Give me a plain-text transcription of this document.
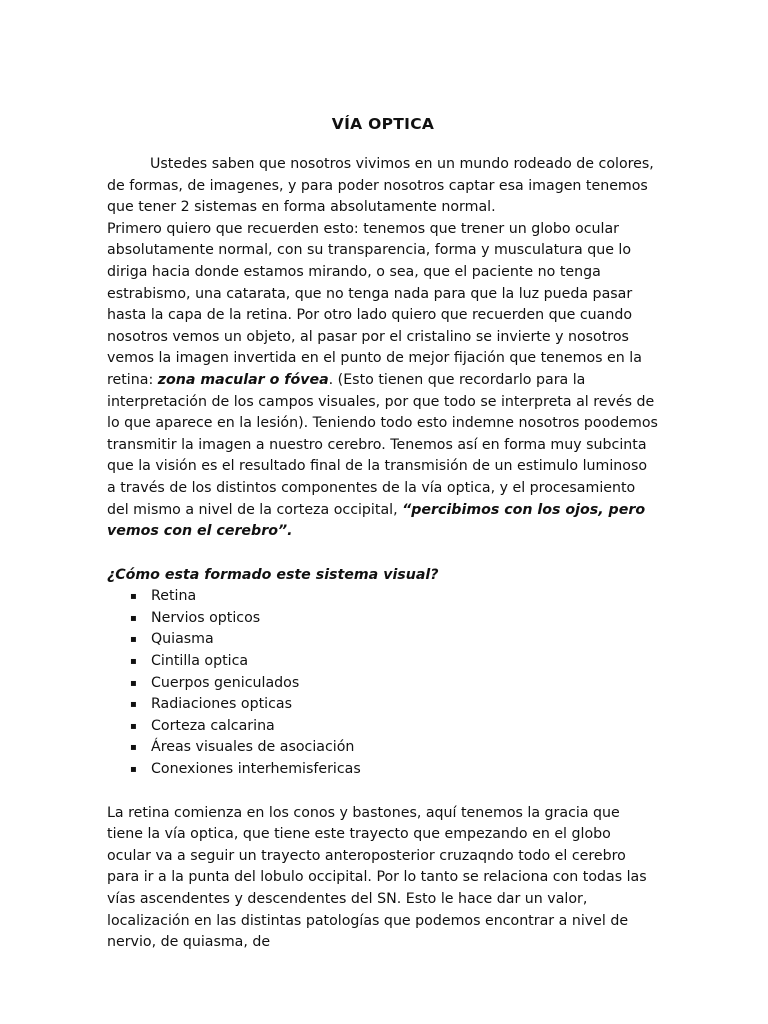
VÍA OPTICA

Ustedes saben que nosotros vivimos en un mundo rodeado de colores, de formas, de imagenes, y para poder nosotros captar esa imagen tenemos que tener 2 sistemas en forma absolutamente normal.

Primero quiero que recuerden esto: tenemos que trener un globo ocular absolutamente normal, con su transparencia, forma y musculatura que lo diriga hacia donde estamos mirando, o sea, que el paciente no tenga estrabismo, una catarata, que no tenga nada para que la luz pueda pasar hasta la capa de la retina. Por otro lado quiero que recuerden que cuando nosotros vemos un objeto, al pasar por el cristalino se invierte y nosotros vemos la imagen invertida en el punto de mejor fijación que tenemos en la retina: zona macular o fóvea. (Esto tienen que recordarlo para la interpretación de los campos visuales, por que todo se interpreta al revés de lo que aparece en la lesión). Teniendo todo esto indemne nosotros poodemos transmitir la imagen a nuestro cerebro. Tenemos así en forma muy subcinta que la visión es el resultado final de la transmisión de un estimulo luminoso a través de los distintos componentes de la vía optica, y el procesamiento del mismo a nivel de la corteza occipital, “percibimos con los ojos, pero vemos con el cerebro”.

¿Cómo esta formado este sistema visual?

▪ Retina
▪ Nervios opticos
▪ Quiasma
▪ Cintilla optica
▪ Cuerpos geniculados
▪ Radiaciones opticas
▪ Corteza calcarina
▪ Áreas visuales de asociación
▪ Conexiones interhemisfericas

La retina comienza en los conos y bastones, aquí tenemos la gracia que tiene la vía optica, que tiene este trayecto que empezando en el globo ocular va a seguir un trayecto anteroposterior cruzaqndo todo el cerebro para ir a la punta del lobulo occipital. Por lo tanto se relaciona con todas las vías ascendentes y descendentes del SN. Esto le hace dar un valor, localización en las distintas patologías que podemos encontrar a nivel de nervio, de quiasma, de
